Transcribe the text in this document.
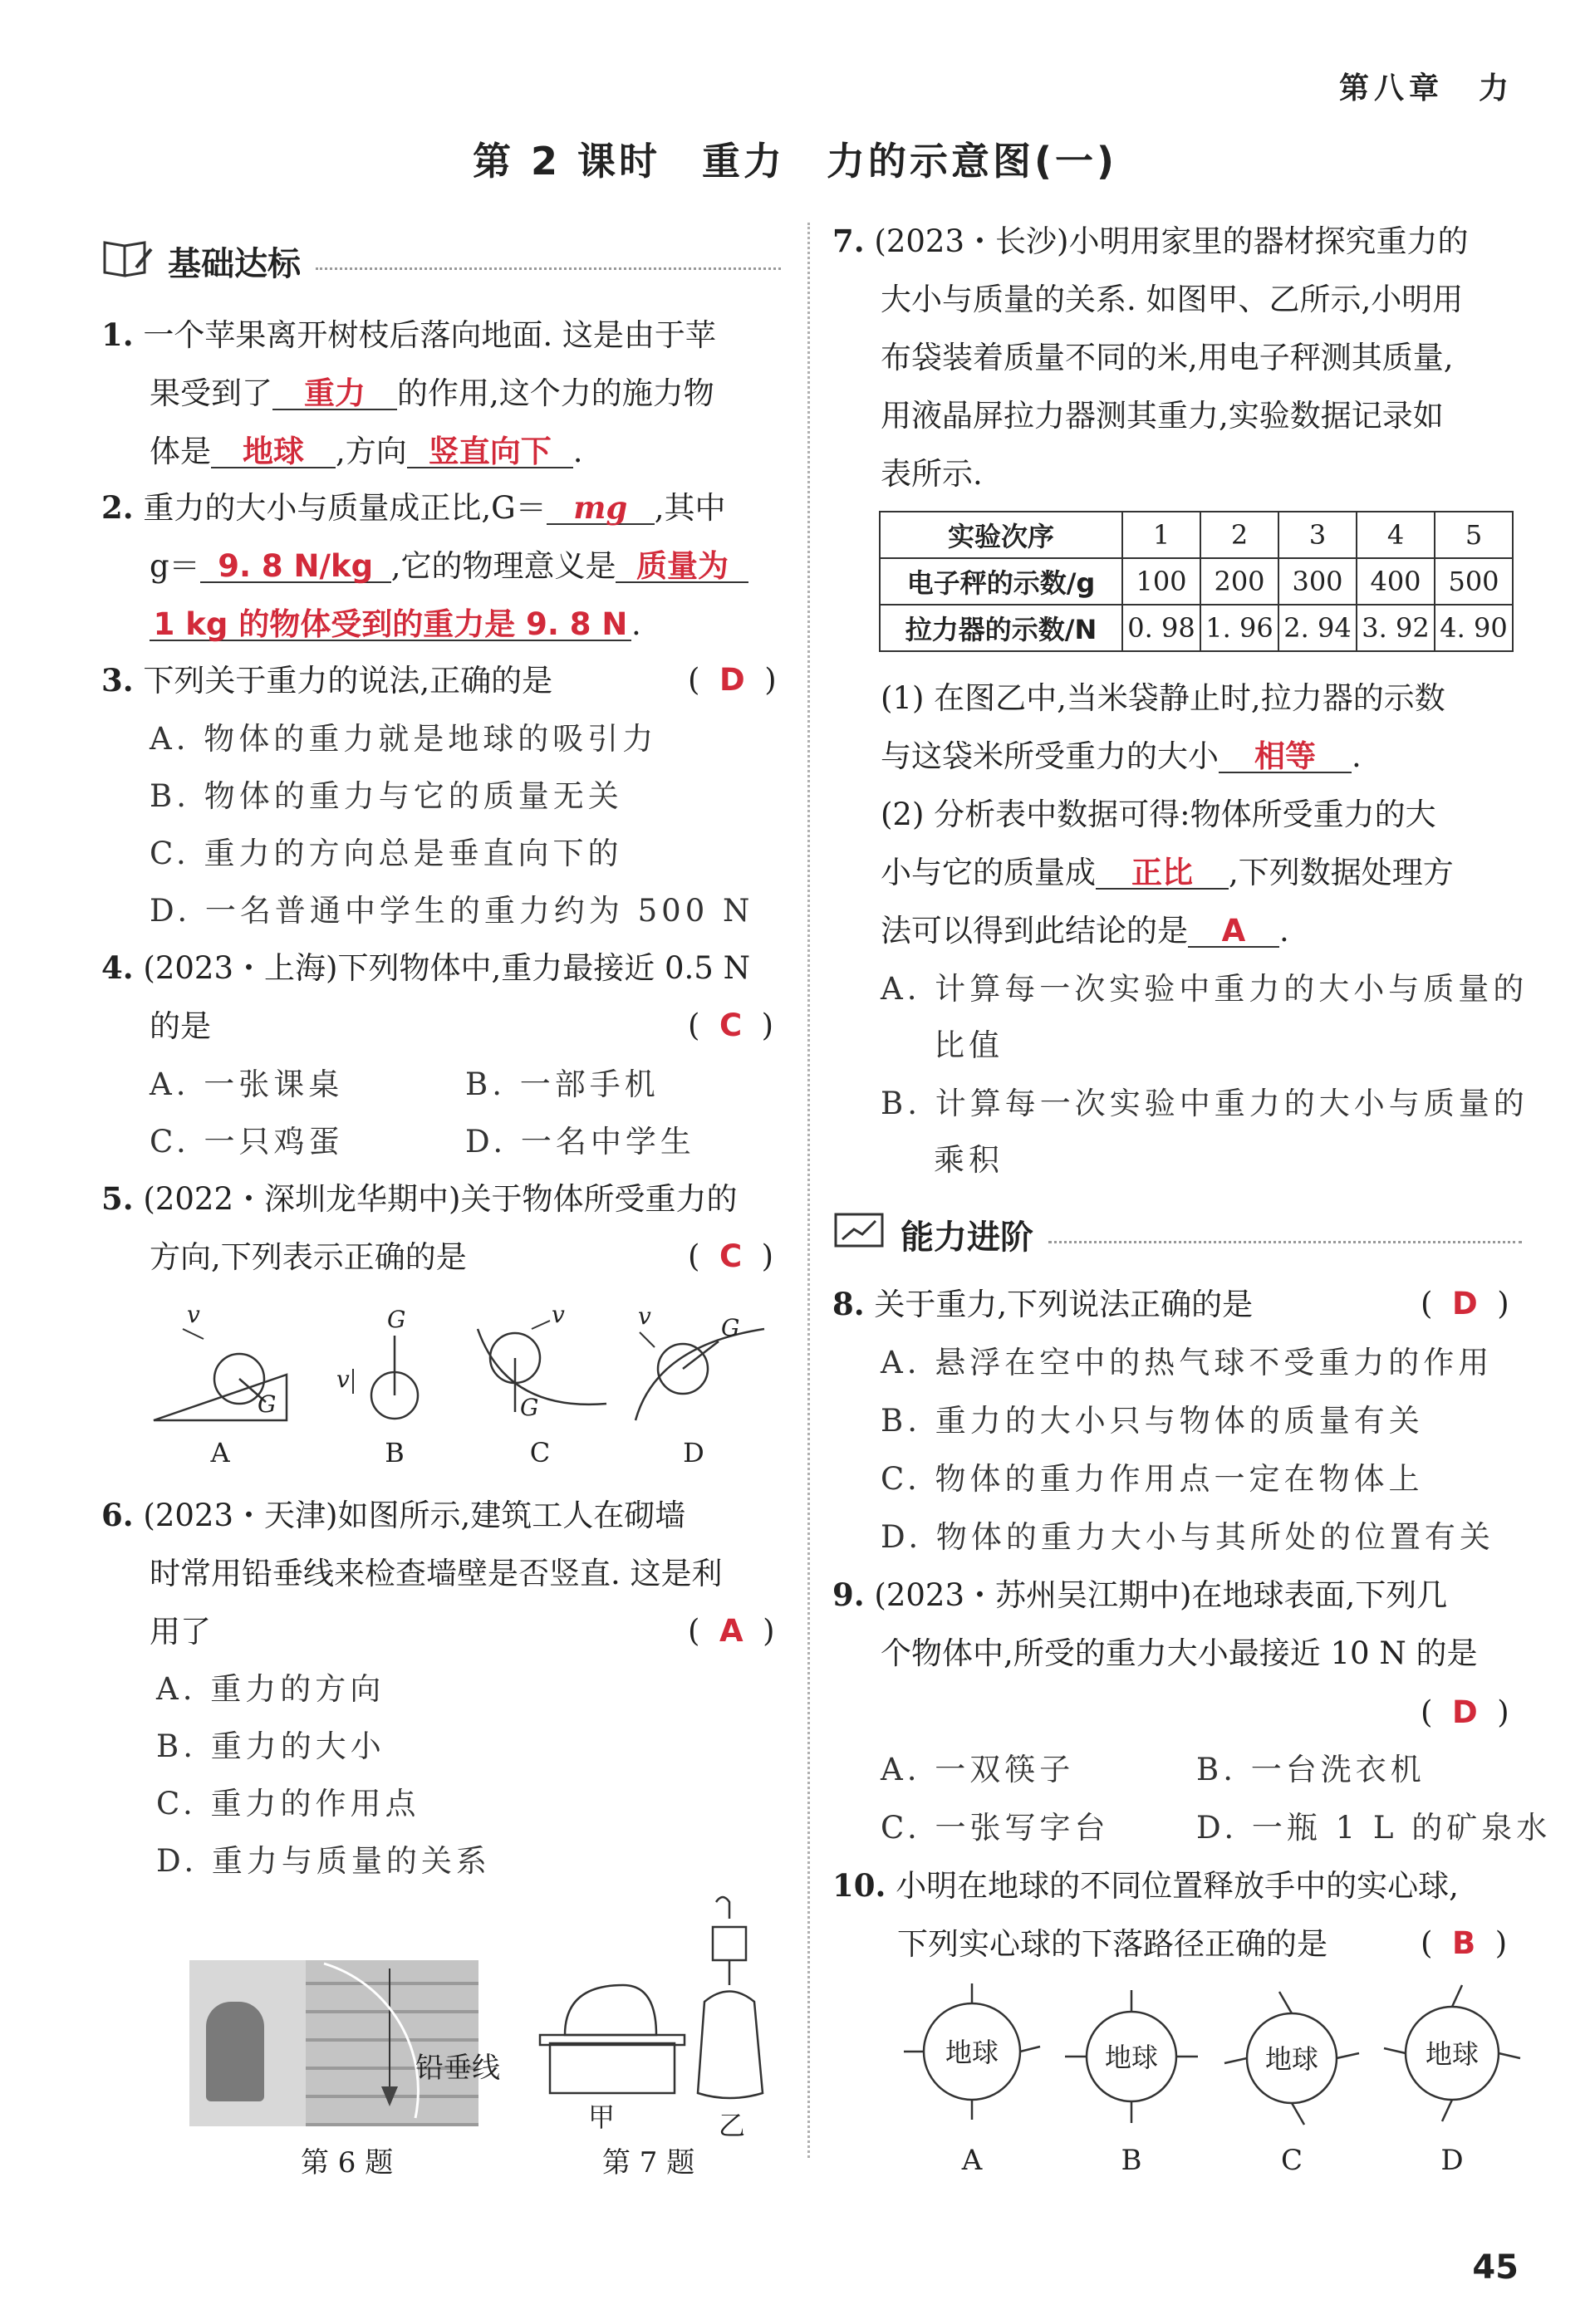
第八章　力
第 2 课时　重力　力的示意图(一)
基础达标
1. 一个苹果离开树枝后落向地面. 这是由于苹
果受到了 重力 的作用,这个力的施力物
体是 地球 ,方向 竖直向下 .
2. 重力的大小与质量成正比,G＝ mg ,其中
g＝ 9. 8 N/kg ,它的物理意义是 质量为
1 kg 的物体受到的重力是 9. 8 N .
3. 下列关于重力的说法,正确的是	(  D  )
A. 物体的重力就是地球的吸引力
B. 物体的重力与它的质量无关
C. 重力的方向总是垂直向下的
D. 一名普通中学生的重力约为 500 N
4. (2023・上海)下列物体中,重力最接近 0.5 N
的是	(  C  )
A. 一张课桌	B. 一部手机
C. 一只鸡蛋	D. 一名中学生
5. (2022・深圳龙华期中)关于物体所受重力的
方向,下列表示正确的是	(  C  )
G
v	G
v
G
v	G
v
A	B	C	D
6. (2023・天津)如图所示,建筑工人在砌墙
时常用铅垂线来检查墙壁是否竖直. 这是利
用了	(  A  )
A. 重力的方向
B. 重力的大小
C. 重力的作用点
D. 重力与质量的关系
铅垂线
第 6 题
甲	乙
第 7 题
7. (2023・长沙)小明用家里的器材探究重力的
大小与质量的关系. 如图甲、乙所示,小明用
布袋装着质量不同的米,用电子秤测其质量,
用液晶屏拉力器测其重力,实验数据记录如
表所示.
实验次序	1	2	3	4	5
电子秤的示数/g	100	200	300	400	500
拉力器的示数/N	0. 98	1. 96	2. 94	3. 92	4. 90
(1) 在图乙中,当米袋静止时,拉力器的示数
与这袋米所受重力的大小 相等 .
(2) 分析表中数据可得:物体所受重力的大
小与它的质量成 正比 ,下列数据处理方
法可以得到此结论的是 A .
A. 计算每一次实验中重力的大小与质量的
比值
B. 计算每一次实验中重力的大小与质量的
乘积
能力进阶
8. 关于重力,下列说法正确的是	(  D  )
A. 悬浮在空中的热气球不受重力的作用
B. 重力的大小只与物体的质量有关
C. 物体的重力作用点一定在物体上
D. 物体的重力大小与其所处的位置有关
9. (2023・苏州吴江期中)在地球表面,下列几
个物体中,所受的重力大小最接近 10 N 的是
(  D  )
A. 一双筷子	B. 一台洗衣机
C. 一张写字台	D. 一瓶 1 L 的矿泉水
10. 小明在地球的不同位置释放手中的实心球,
下列实心球的下落路径正确的是	(  B  )
地球	地球	地球	地球
A	B	C	D
45
